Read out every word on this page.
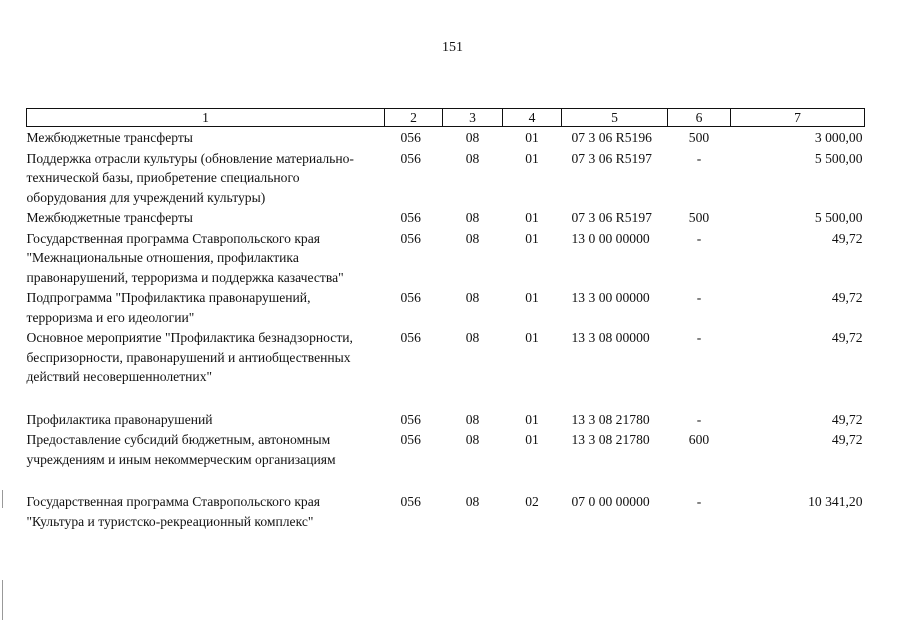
151
1	2	3	4	5	6	7
Межбюджетные трансферты	056	08	01	07 3 06 R5196	500	3 000,00
Поддержка отрасли культуры (обновление материально-технической базы, приобретение специального оборудования для учреждений культуры)	056	08	01	07 3 06 R5197	-	5 500,00
Межбюджетные трансферты	056	08	01	07 3 06 R5197	500	5 500,00
Государственная программа Ставропольского края "Межнациональные отношения, профилактика правонарушений, терроризма и поддержка казачества"	056	08	01	13 0 00 00000	-	49,72
Подпрограмма "Профилактика правонарушений, терроризма и его идеологии"	056	08	01	13 3 00 00000	-	49,72
Основное мероприятие "Профилактика безнадзорности, беспризорности, правонарушений и антиобщественных действий несовершеннолетних"	056	08	01	13 3 08 00000	-	49,72

Профилактика правонарушений	056	08	01	13 3 08 21780	-	49,72
Предоставление субсидий бюджетным, автономным учреждениям и иным некоммерческим организациям	056	08	01	13 3 08 21780	600	49,72

Государственная программа Ставропольского края "Культура и туристско-рекреационный комплекс"	056	08	02	07 0 00 00000	-	10 341,20
